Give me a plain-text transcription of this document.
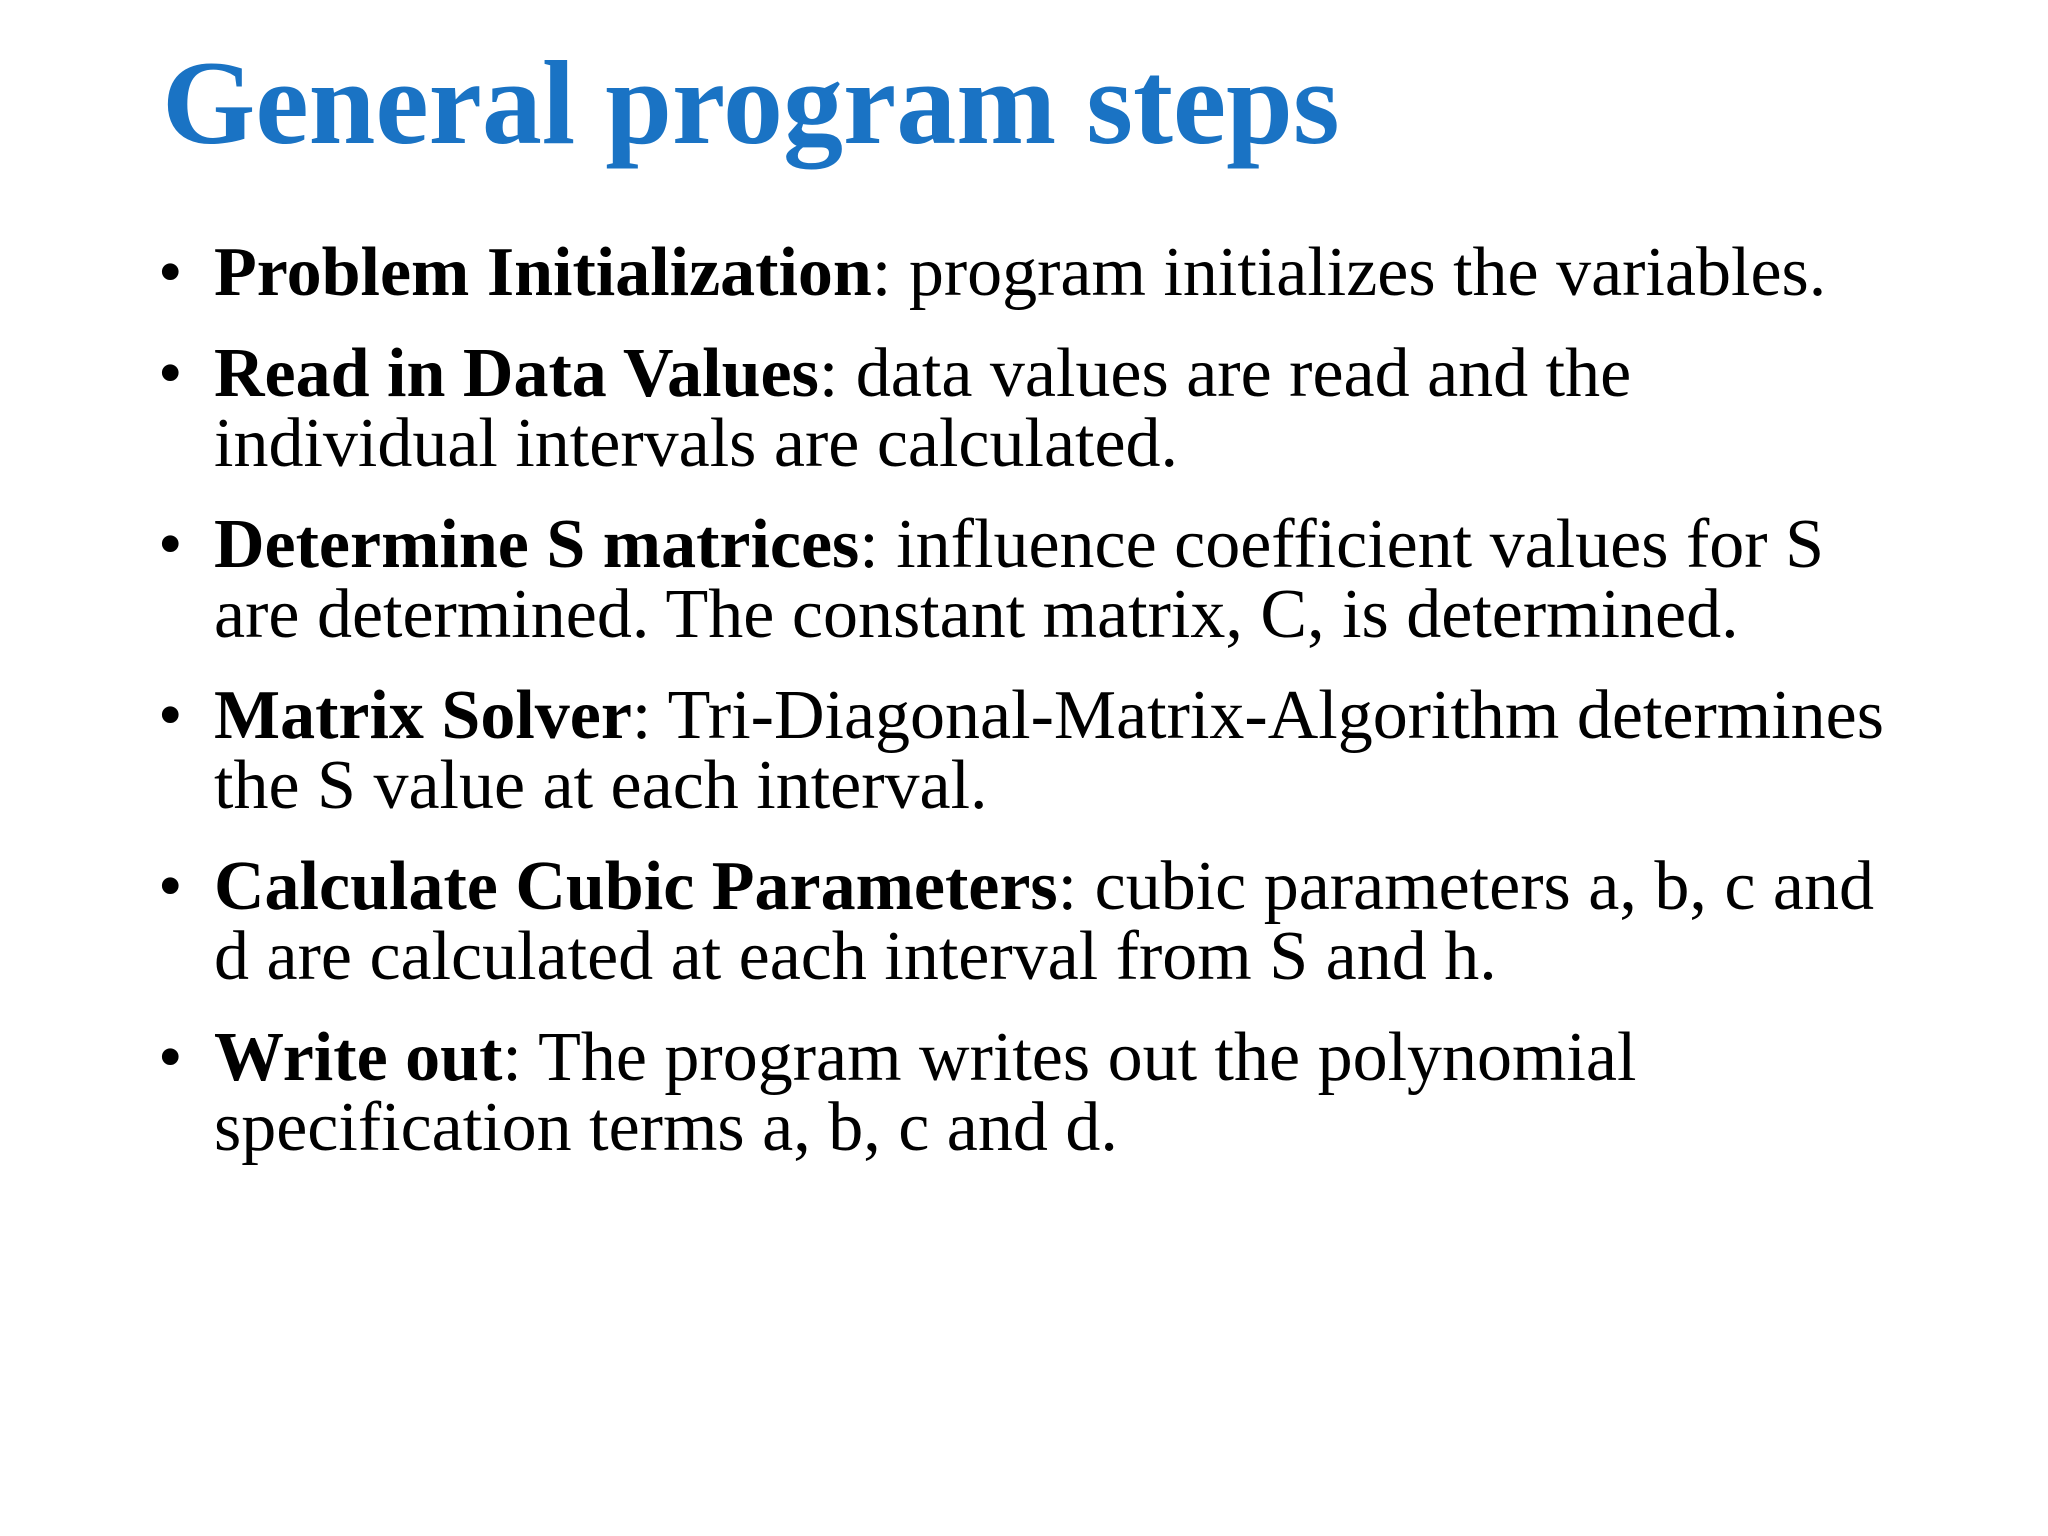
General program steps
• Problem Initialization: program initializes the variables.
• Read in Data Values: data values are read and the individual intervals are calculated.
• Determine S matrices: influence coefficient values for S are determined. The constant matrix, C, is determined.
• Matrix Solver: Tri-Diagonal-Matrix-Algorithm determines the S value at each interval.
• Calculate Cubic Parameters: cubic parameters a, b, c and d are calculated at each interval from S and h.
• Write out: The program writes out the polynomial specification terms a, b, c and d.
